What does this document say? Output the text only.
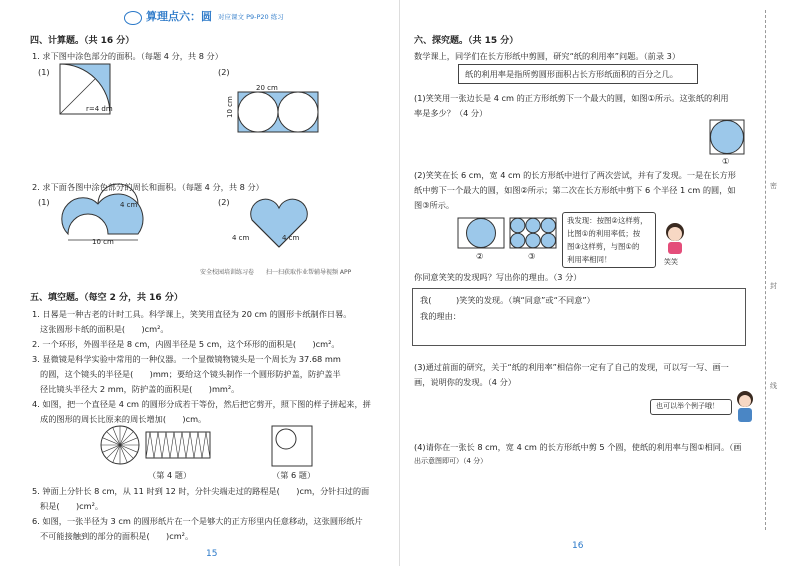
算理点六：圆 对应课文 P9-P20 练习
四、计算题。（共 16 分）
1. 求下图中涂色部分的面积。（每题 4 分，共 8 分）
(1)
r=4 dm
(2)
20 cm
10 cm
2. 求下面各图中涂色部分的周长和面积。（每题 4 分，共 8 分）
(1)	4 cm
10 cm
(2)
4 cm	4 cm
安全校园培训练习卷　　扫一扫获取作业帮辅导视频 APP
五、填空题。（每空 2 分，共 16 分）
1. 日晷是一种古老的计时工具。科学课上，笑笑用直径为 20 cm 的圆形卡纸制作日晷。
这张圆形卡纸的面积是(　　)cm²。
2. 一个环形，外圆半径是 8 cm，内圆半径是 5 cm，这个环形的面积是(　　)cm²。
3. 显微镜是科学实验中常用的一种仪器。一个显微镜物镜头是一个周长为 37.68 mm
的圆，这个镜头的半径是(　　)mm；要给这个镜头制作一个圆形防护盖，防护盖半
径比镜头半径大 2 mm，防护盖的面积是(　　)mm²。
4. 如图，把一个直径是 4 cm 的圆形分成若干等份，然后把它剪开，照下图的样子拼起来，拼
成的图形的周长比原来的周长增加(　　)cm。
（第 4 题）	（第 6 题）
5. 钟面上分针长 8 cm，从 11 时到 12 时，分针尖端走过的路程是(　　)cm，分针扫过的面
积是(　　)cm²。
6. 如图，一张半径为 3 cm 的圆形纸片在一个是够大的正方形里内任意移动，这张圆形纸片
不可能接触到的部分的面积是(　　)cm²。
15
六、探究题。（共 15 分）
数学课上，同学们在长方形纸中剪圆，研究“纸的利用率”问题。（前录 3）
纸的利用率是指所剪圆形面积占长方形纸面积的百分之几。
(1)笑笑用一张边长是 4 cm 的正方形纸剪下一个最大的圆，如图①所示。这张纸的利用
率是多少？（4 分）
①
(2)笑笑在长 6 cm，宽 4 cm 的长方形纸中进行了两次尝试，并有了发现。一是在长方形
纸中剪下一个最大的圆，如图②所示；第二次在长方形纸中剪下 6 个半径 1 cm 的圆，如
图③所示。
②	③
我发现：按图②这样剪，
比图①的利用率低；按
图③这样剪，与图①的
利用率相同！	笑笑
你同意笑笑的发现吗？写出你的理由。（3 分）
我(　　　)笑笑的发现。（填“同意”或“不同意”）
我的理由：
(3)通过前面的研究，关于“纸的利用率”相信你一定有了自己的发现，可以写一写、画一
画，说明你的发现。（4 分）
也可以举个例子哦！
(4)请你在一张长 8 cm，宽 4 cm 的长方形纸中剪 5 个圆，使纸的利用率与图①相同。（画
出示意图即可）（4 分）
16
密
封
线
